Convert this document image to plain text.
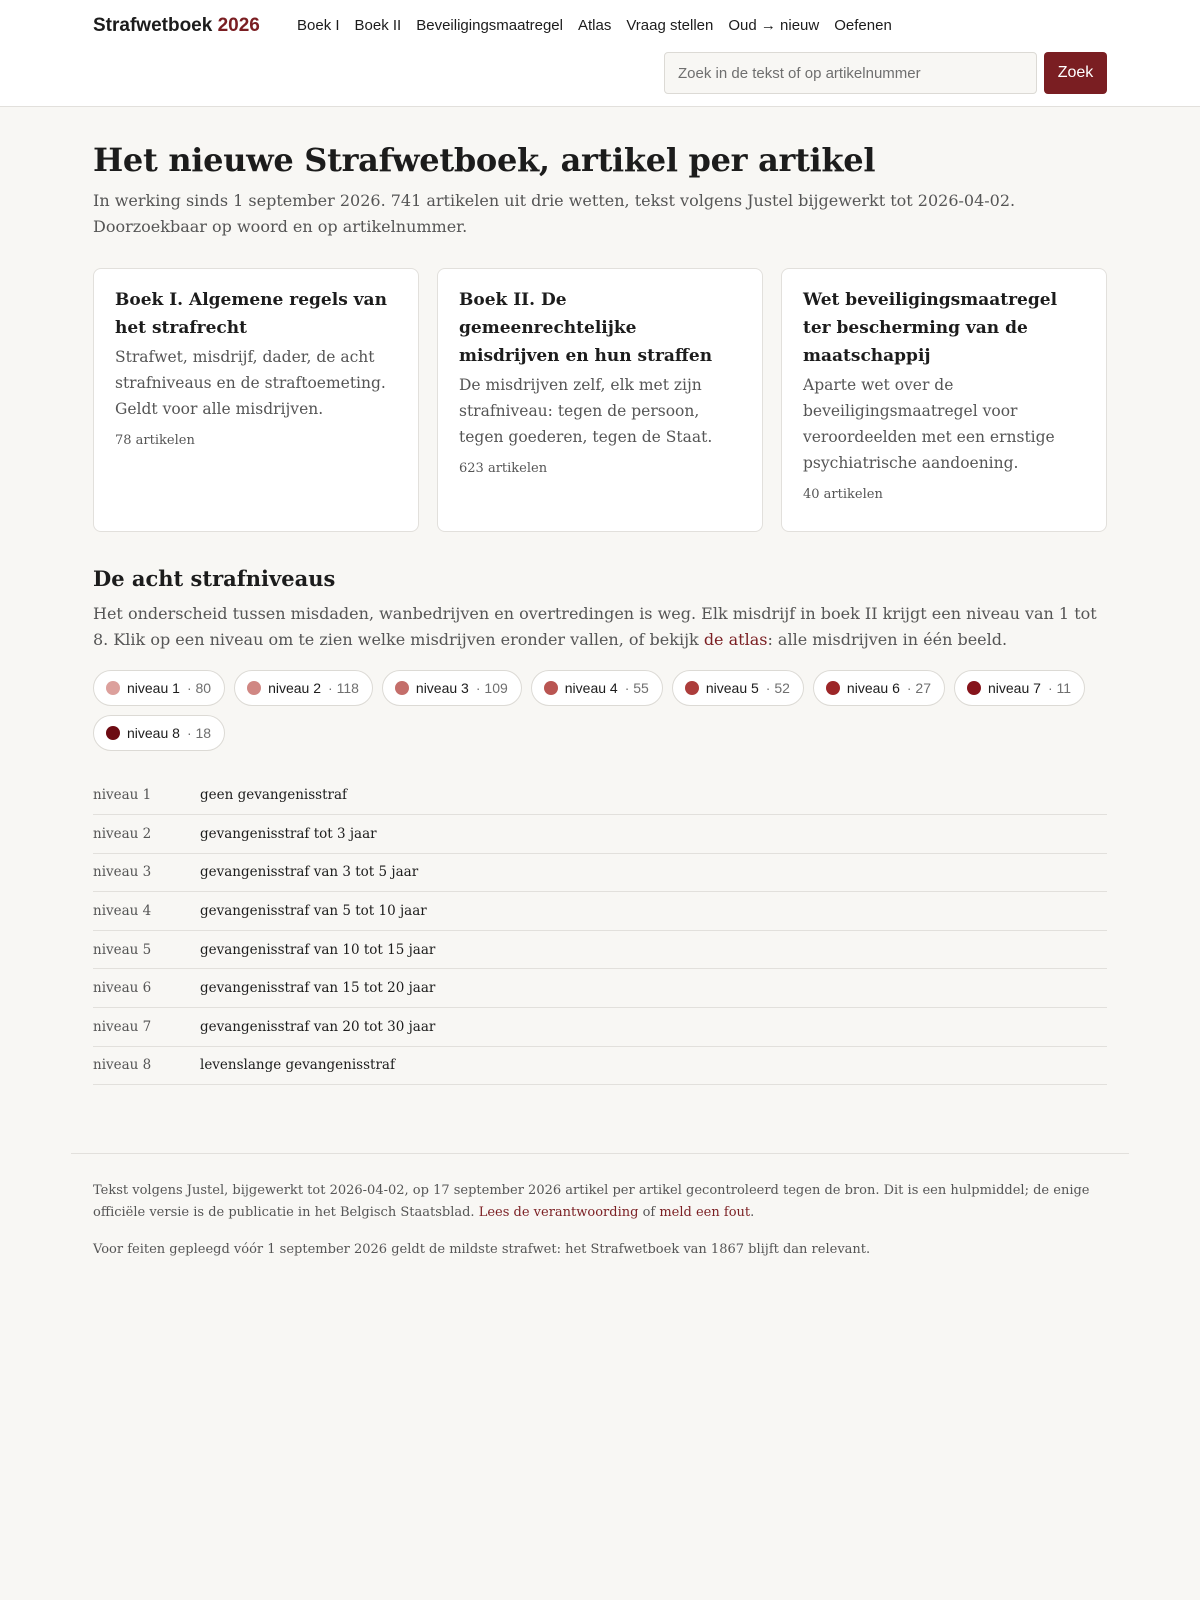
Strafwetboek 2026 Boek I Boek II Beveiligingsmaatregel Atlas Vraag stellen Oud → nieuw Oefenen
Zoek in de tekst of op artikelnummer
Zoek
Het nieuwe Strafwetboek, artikel per artikel

In werking sinds 1 september 2026. 741 artikelen uit drie wetten, tekst volgens Justel bijgewerkt tot 2026-04-02. Doorzoekbaar op woord en op artikelnummer.

Boek I. Algemene regels van het strafrecht

Strafwet, misdrijf, dader, de acht strafniveaus en de straftoemeting. Geldt voor alle misdrijven.

78 artikelen
Boek II. De gemeenrechtelijke misdrijven en hun straffen

De misdrijven zelf, elk met zijn strafniveau: tegen de persoon, tegen goederen, tegen de Staat.

623 artikelen
Wet beveiligingsmaatregel ter bescherming van de maatschappij

Aparte wet over de beveiligingsmaatregel voor veroordeelden met een ernstige psychiatrische aandoening.

40 artikelen
De acht strafniveaus

Het onderscheid tussen misdaden, wanbedrijven en overtredingen is weg. Elk misdrijf in boek II krijgt een niveau van 1 tot 8. Klik op een niveau om te zien welke misdrijven eronder vallen, of bekijk de atlas: alle misdrijven in één beeld.

niveau 1 · 80	niveau 2 · 118	niveau 3 · 109	niveau 4 · 55	niveau 5 · 52	niveau 6 · 27	niveau 7 · 11
niveau 8 · 18
niveau 1	geen gevangenisstraf
niveau 2	gevangenisstraf tot 3 jaar
niveau 3	gevangenisstraf van 3 tot 5 jaar
niveau 4	gevangenisstraf van 5 tot 10 jaar
niveau 5	gevangenisstraf van 10 tot 15 jaar
niveau 6	gevangenisstraf van 15 tot 20 jaar
niveau 7	gevangenisstraf van 20 tot 30 jaar
niveau 8	levenslange gevangenisstraf

Tekst volgens Justel, bijgewerkt tot 2026-04-02, op 17 september 2026 artikel per artikel gecontroleerd tegen de bron. Dit is een hulpmiddel; de enige officiële versie is de publicatie in het Belgisch Staatsblad. Lees de verantwoording of meld een fout.

Voor feiten gepleegd vóór 1 september 2026 geldt de mildste strafwet: het Strafwetboek van 1867 blijft dan relevant.
